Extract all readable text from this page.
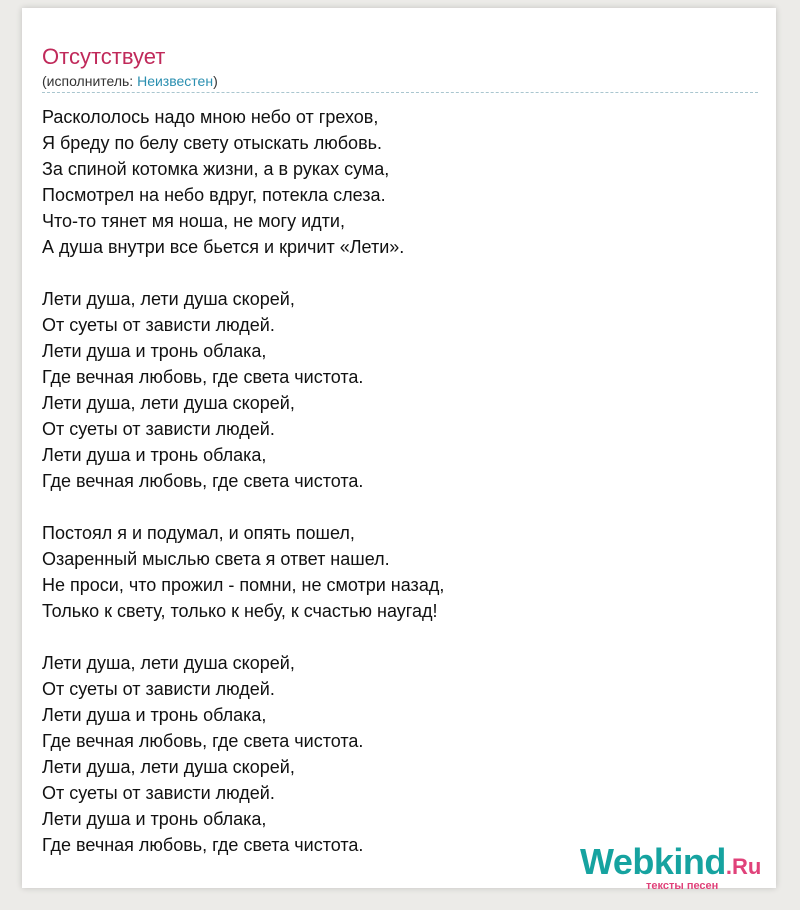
Отсутствует
(исполнитель: Неизвестен)
Раскололось надо мною небо от грехов,
Я бреду по белу свету отыскать любовь.
За спиной котомка жизни, а в руках сума,
Посмотрел на небо вдруг, потекла слеза.
Что-то тянет мя ноша, не могу идти,
А душа внутри все бьется и кричит «Лети».
Лети душа, лети душа скорей,
От суеты от зависти людей.
Лети душа и тронь облака,
Где вечная любовь, где света чистота.
Лети душа, лети душа скорей,
От суеты от зависти людей.
Лети душа и тронь облака,
Где вечная любовь, где света чистота.
Постоял я и подумал, и опять пошел,
Озаренный мыслью света я ответ нашел.
Не проси, что прожил - помни, не смотри назад,
Только к свету, только к небу, к счастью наугад!
Лети душа, лети душа скорей,
От суеты от зависти людей.
Лети душа и тронь облака,
Где вечная любовь, где света чистота.
Лети душа, лети душа скорей,
От суеты от зависти людей.
Лети душа и тронь облака,
Где вечная любовь, где света чистота.	Webkind.Ru
тексты песен
